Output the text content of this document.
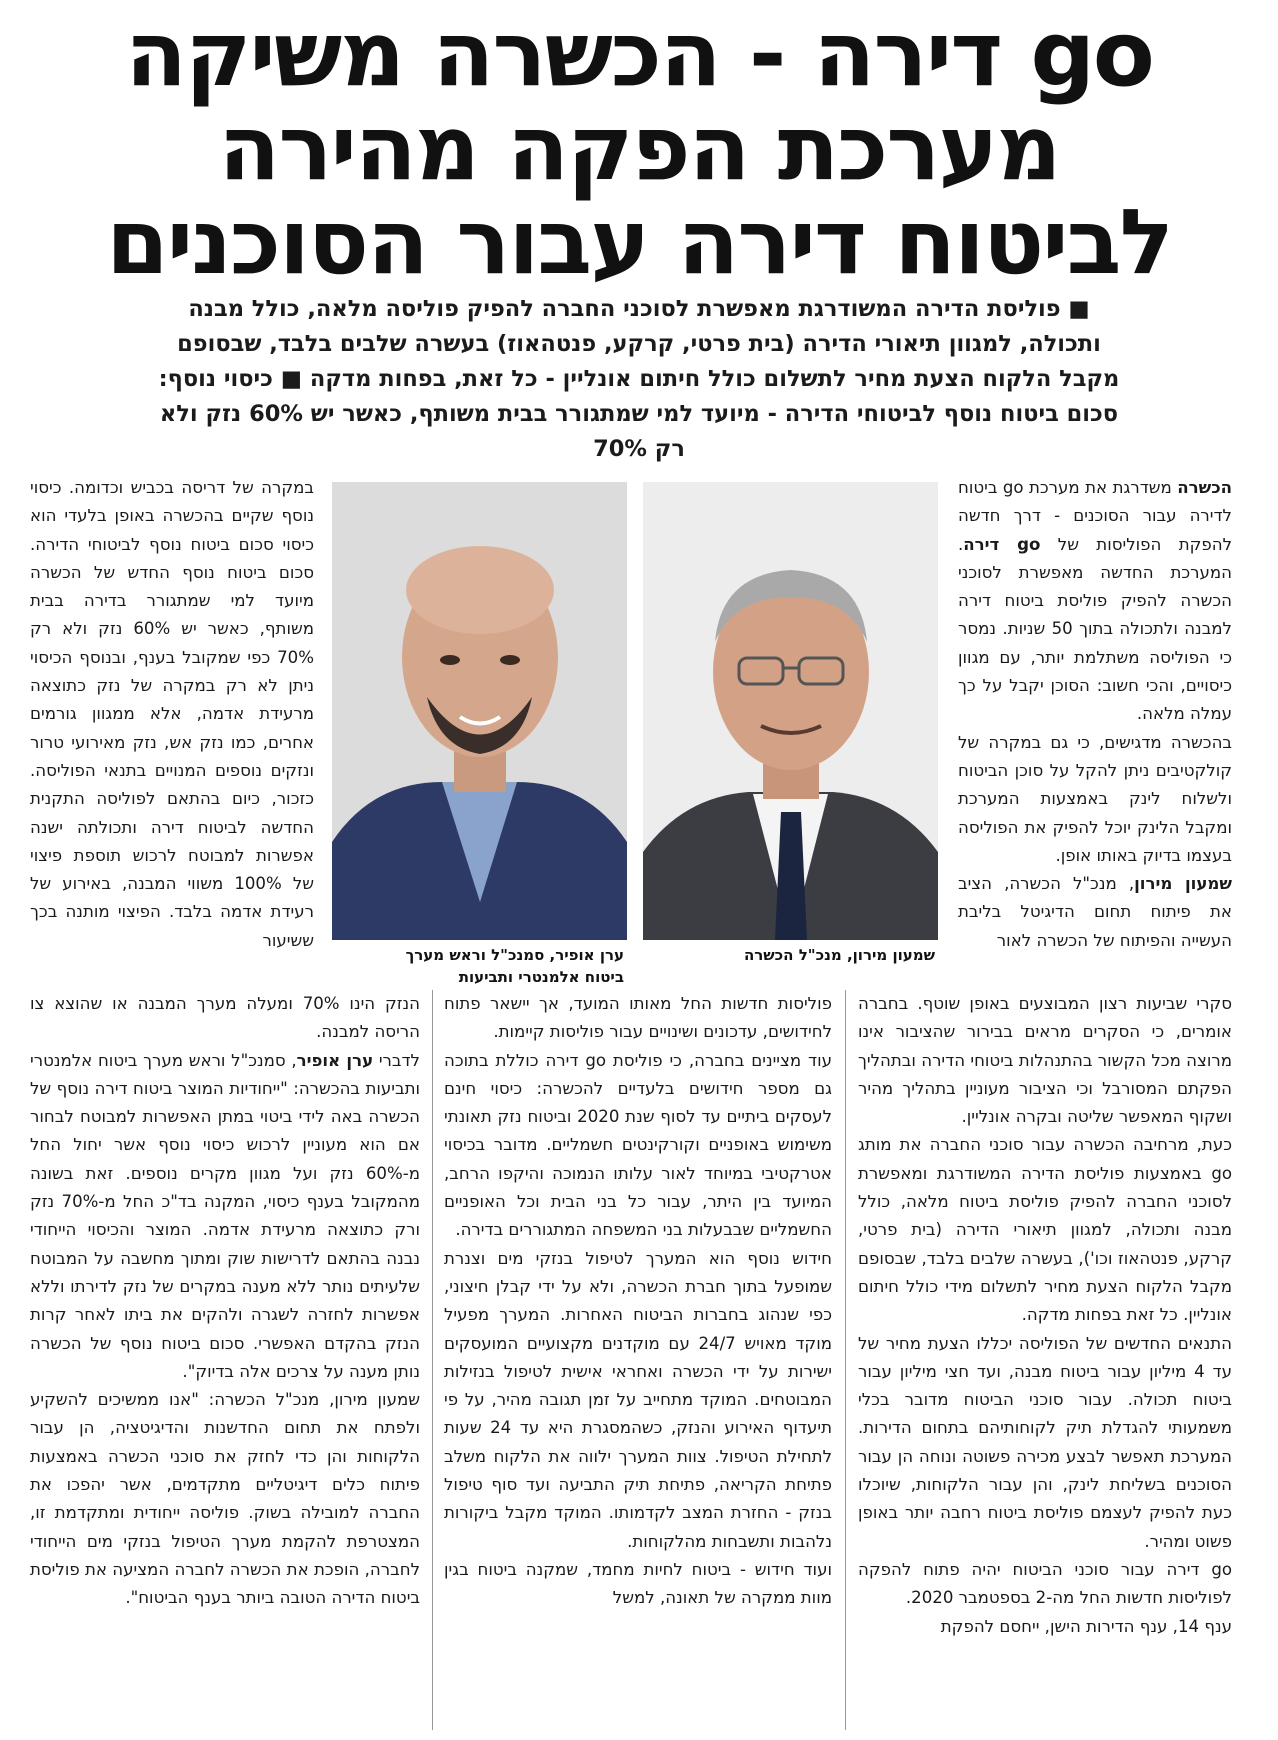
go דירה - הכשרה משיקה
מערכת הפקה מהירה
לביטוח דירה עבור הסוכנים
■ פוליסת הדירה המשודרגת מאפשרת לסוכני החברה להפיק פוליסה מלאה, כולל מבנה ותכולה, למגוון תיאורי הדירה (בית פרטי, קרקע, פנטהאוז) בעשרה שלבים בלבד, שבסופם מקבל הלקוח הצעת מחיר לתשלום כולל חיתום אונליין - כל זאת, בפחות מדקה ■ כיסוי נוסף: סכום ביטוח נוסף לביטוחי הדירה - מיועד למי שמתגורר בבית משותף, כאשר יש 60% נזק ולא רק 70%
ערן אופיר, סמנכ"ל וראש מערך
ביטוח אלמנטרי ותביעות
שמעון מירון, מנכ"ל הכשרה

הכשרה משדרגת את מערכת go ביטוח לדירה עבור הסוכנים - דרך חדשה להפקת הפוליסות של go דירה. המערכת החדשה מאפשרת לסוכני הכשרה להפיק פוליסת ביטוח דירה למבנה ולתכולה בתוך 50 שניות. נמסר כי הפוליסה משתלמת יותר, עם מגוון כיסויים, והכי חשוב: הסוכן יקבל על כך עמלה מלאה.

בהכשרה מדגישים, כי גם במקרה של קולקטיבים ניתן להקל על סוכן הביטוח ולשלוח לינק באמצעות המערכת ומקבל הלינק יוכל להפיק את הפוליסה בעצמו בדיוק באותו אופן.

שמעון מירון, מנכ"ל הכשרה, הציב את פיתוח תחום הדיגיטל בליבת העשייה והפיתוח של הכשרה לאור

במקרה של דריסה בכביש וכדומה. כיסוי נוסף שקיים בהכשרה באופן בלעדי הוא כיסוי סכום ביטוח נוסף לביטוחי הדירה. סכום ביטוח נוסף החדש של הכשרה מיועד למי שמתגורר בדירה בבית משותף, כאשר יש 60% נזק ולא רק 70% כפי שמקובל בענף, ובנוסף הכיסוי ניתן לא רק במקרה של נזק כתוצאה מרעידת אדמה, אלא ממגוון גורמים אחרים, כמו נזק אש, נזק מאירועי טרור ונזקים נוספים המנויים בתנאי הפוליסה. כזכור, כיום בהתאם לפוליסה התקנית החדשה לביטוח דירה ותכולתה ישנה אפשרות למבוטח לרכוש תוספת פיצוי של 100% משווי המבנה, באירוע של רעידת אדמה בלבד. הפיצוי מותנה בכך ששיעור

סקרי שביעות רצון המבוצעים באופן שוטף. בחברה אומרים, כי הסקרים מראים בבירור שהציבור אינו מרוצה מכל הקשור בהתנהלות ביטוחי הדירה ובתהליך הפקתם המסורבל וכי הציבור מעוניין בתהליך מהיר ושקוף המאפשר שליטה ובקרה אונליין.

כעת, מרחיבה הכשרה עבור סוכני החברה את מותג go באמצעות פוליסת הדירה המשודרגת ומאפשרת לסוכני החברה להפיק פוליסת ביטוח מלאה, כולל מבנה ותכולה, למגוון תיאורי הדירה (בית פרטי, קרקע, פנטהאוז וכו'), בעשרה שלבים בלבד, שבסופם מקבל הלקוח הצעת מחיר לתשלום מידי כולל חיתום אונליין. כל זאת בפחות מדקה.

התנאים החדשים של הפוליסה יכללו הצעת מחיר של עד 4 מיליון עבור ביטוח מבנה, ועד חצי מיליון עבור ביטוח תכולה. עבור סוכני הביטוח מדובר בכלי משמעותי להגדלת תיק לקוחותיהם בתחום הדירות. המערכת תאפשר לבצע מכירה פשוטה ונוחה הן עבור הסוכנים בשליחת לינק, והן עבור הלקוחות, שיוכלו כעת להפיק לעצמם פוליסת ביטוח רחבה יותר באופן פשוט ומהיר.

go דירה עבור סוכני הביטוח יהיה פתוח להפקה לפוליסות חדשות החל מה-2 בספטמבר 2020.

ענף 14, ענף הדירות הישן, ייחסם להפקת

פוליסות חדשות החל מאותו המועד, אך יישאר פתוח לחידושים, עדכונים ושינויים עבור פוליסות קיימות.

עוד מציינים בחברה, כי פוליסת go דירה כוללת בתוכה גם מספר חידושים בלעדיים להכשרה: כיסוי חינם לעסקים ביתיים עד לסוף שנת 2020 וביטוח נזק תאונתי משימוש באופניים וקורקינטים חשמליים. מדובר בכיסוי אטרקטיבי במיוחד לאור עלותו הנמוכה והיקפו הרחב, המיועד בין היתר, עבור כל בני הבית וכל האופניים החשמליים שבבעלות בני המשפחה המתגוררים בדירה.

חידוש נוסף הוא המערך לטיפול בנזקי מים וצנרת שמופעל בתוך חברת הכשרה, ולא על ידי קבלן חיצוני, כפי שנהוג בחברות הביטוח האחרות. המערך מפעיל מוקד מאויש 24/7 עם מוקדנים מקצועיים המועסקים ישירות על ידי הכשרה ואחראי אישית לטיפול בנזילות המבוטחים. המוקד מתחייב על זמן תגובה מהיר, על פי תיעדוף האירוע והנזק, כשהמסגרת היא עד 24 שעות לתחילת הטיפול. צוות המערך ילווה את הלקוח משלב פתיחת הקריאה, פתיחת תיק התביעה ועד סוף טיפול בנזק - החזרת המצב לקדמותו. המוקד מקבל ביקורות נלהבות ותשבחות מהלקוחות.

ועוד חידוש - ביטוח לחיות מחמד, שמקנה ביטוח בגין מוות ממקרה של תאונה, למשל

הנזק הינו 70% ומעלה מערך המבנה או שהוצא צו הריסה למבנה.

לדברי ערן אופיר, סמנכ"ל וראש מערך ביטוח אלמנטרי ותביעות בהכשרה: "ייחודיות המוצר ביטוח דירה נוסף של הכשרה באה לידי ביטוי במתן האפשרות למבוטח לבחור אם הוא מעוניין לרכוש כיסוי נוסף אשר יחול החל מ-60% נזק ועל מגוון מקרים נוספים. זאת בשונה מהמקובל בענף כיסוי, המקנה בד"כ החל מ-70% נזק ורק כתוצאה מרעידת אדמה. המוצר והכיסוי הייחודי נבנה בהתאם לדרישות שוק ומתוך מחשבה על המבוטח שלעיתים נותר ללא מענה במקרים של נזק לדירתו וללא אפשרות לחזרה לשגרה ולהקים את ביתו לאחר קרות הנזק בהקדם האפשרי. סכום ביטוח נוסף של הכשרה נותן מענה על צרכים אלה בדיוק".

שמעון מירון, מנכ"ל הכשרה: "אנו ממשיכים להשקיע ולפתח את תחום החדשנות והדיגיטציה, הן עבור הלקוחות והן כדי לחזק את סוכני הכשרה באמצעות פיתוח כלים דיגיטליים מתקדמים, אשר יהפכו את החברה למובילה בשוק. פוליסה ייחודית ומתקדמת זו, המצטרפת להקמת מערך הטיפול בנזקי מים הייחודי לחברה, הופכת את הכשרה לחברה המציעה את פוליסת ביטוח הדירה הטובה ביותר בענף הביטוח".
